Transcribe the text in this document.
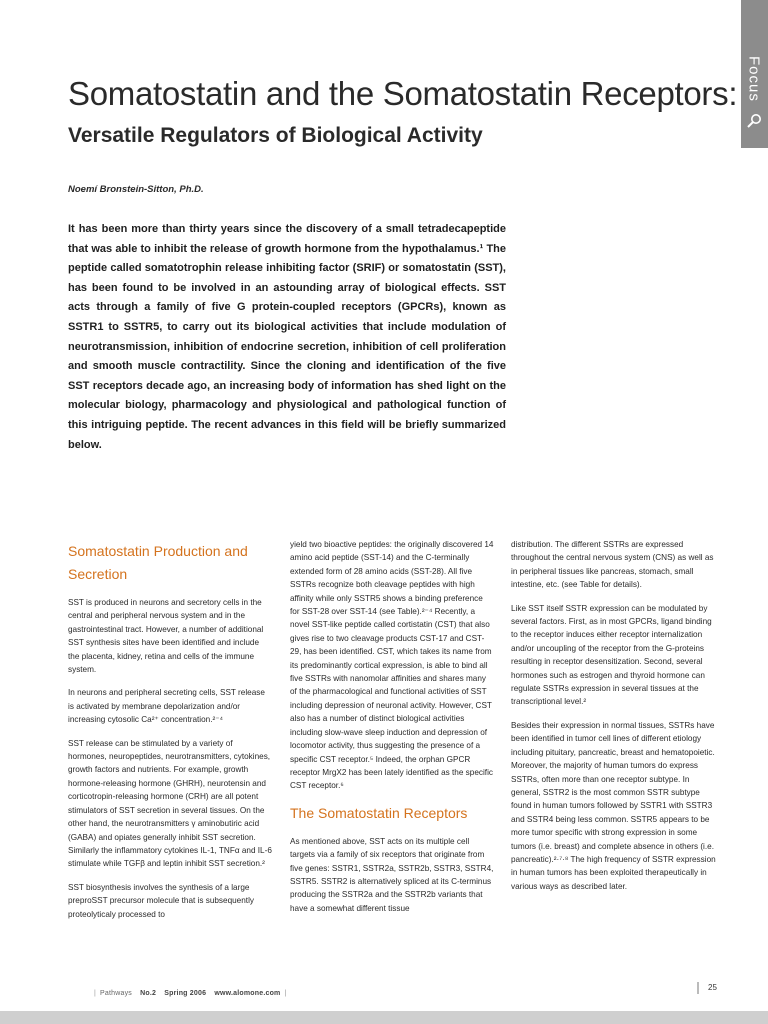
Focus
Somatostatin and the Somatostatin Receptors:
Versatile Regulators of Biological Activity
Noemí Bronstein-Sitton, Ph.D.

It has been more than thirty years since the discovery of a small tetradecapeptide that was able to inhibit the release of growth hormone from the hypothalamus.¹ The peptide called somatotrophin release inhibiting factor (SRIF) or somatostatin (SST), has been found to be involved in an astounding array of biological effects. SST acts through a family of five G protein-coupled receptors (GPCRs), known as SSTR1 to SSTR5, to carry out its biological activities that include modulation of neurotransmission, inhibition of endocrine secretion, inhibition of cell proliferation and smooth muscle contractility. Since the cloning and identification of the five SST receptors decade ago, an increasing body of information has shed light on the molecular biology, pharmacology and physiological and pathological function of this intriguing peptide. The recent advances in this field will be briefly summarized below.

Somatostatin Production and Secretion

SST is produced in neurons and secretory cells in the central and peripheral nervous system and in the gastrointestinal tract. However, a number of additional SST synthesis sites have been identified and include the placenta, kidney, retina and cells of the immune system.

In neurons and peripheral secreting cells, SST release is activated by membrane depolarization and/or increasing cytosolic Ca²⁺ concentration.²⁻⁴

SST release can be stimulated by a variety of hormones, neuropeptides, neurotransmitters, cytokines, growth factors and nutrients. For example, growth hormone-releasing hormone (GHRH), neurotensin and corticotropin-releasing hormone (CRH) are all potent stimulators of SST secretion in several tissues. On the other hand, the neurotransmitters γ aminobutiric acid (GABA) and opiates generally inhibit SST secretion. Similarly the inflammatory cytokines IL-1, TNFα and IL-6 stimulate while TGFβ and leptin inhibit SST secretion.²

SST biosynthesis involves the synthesis of a large preproSST precursor molecule that is subsequently proteolyticaly processed to

yield two bioactive peptides: the originally discovered 14 amino acid peptide (SST-14) and the C-terminally extended form of 28 amino acids (SST-28). All five SSTRs recognize both cleavage peptides with high affinity while only SSTR5 shows a binding preference for SST-28 over SST-14 (see Table).²⁻⁴ Recently, a novel SST-like peptide called cortistatin (CST) that also gives rise to two cleavage products CST-17 and CST-29, has been identified. CST, which takes its name from its predominantly cortical expression, is able to bind all five SSTRs with nanomolar affinities and shares many of the pharmacological and functional activities of SST including depression of neuronal activity. However, CST also has a number of distinct biological activities including slow-wave sleep induction and depression of locomotor activity, thus suggesting the presence of a specific CST receptor.⁵ Indeed, the orphan GPCR receptor MrgX2 has been lately identified as the specific CST receptor.⁶

The Somatostatin Receptors

As mentioned above, SST acts on its multiple cell targets via a family of six receptors that originate from five genes: SSTR1, SSTR2a, SSTR2b, SSTR3, SSTR4, SSTR5. SSTR2 is alternatively spliced at its C-terminus producing the SSTR2a and the SSTR2b variants that have a somewhat different tissue

distribution. The different SSTRs are expressed throughout the central nervous system (CNS) as well as in peripheral tissues like pancreas, stomach, small intestine, etc. (see Table for details).

Like SST itself SSTR expression can be modulated by several factors. First, as in most GPCRs, ligand binding to the receptor induces either receptor internalization and/or uncoupling of the receptor from the G-proteins resulting in receptor desensitization. Second, several hormones such as estrogen and thyroid hormone can regulate SSTRs expression in several tissues at the transcriptional level.²

Besides their expression in normal tissues, SSTRs have been identified in tumor cell lines of different etiology including pituitary, pancreatic, breast and hematopoietic. Moreover, the majority of human tumors do express SSTRs, often more than one receptor subtype. In general, SSTR2 is the most common SSTR subtype found in human tumors followed by SSTR1 with SSTR3 and SSTR4 being less common. SSTR5 appears to be more tumor specific with strong expression in some tumors (i.e. breast) and complete absence in others (i.e. pancreatic).²·⁷·⁸ The high frequency of SSTR expression in human tumors has been exploited therapeutically in various ways as described later.

| Pathways No.2 Spring 2006 www.alomone.com |
25
